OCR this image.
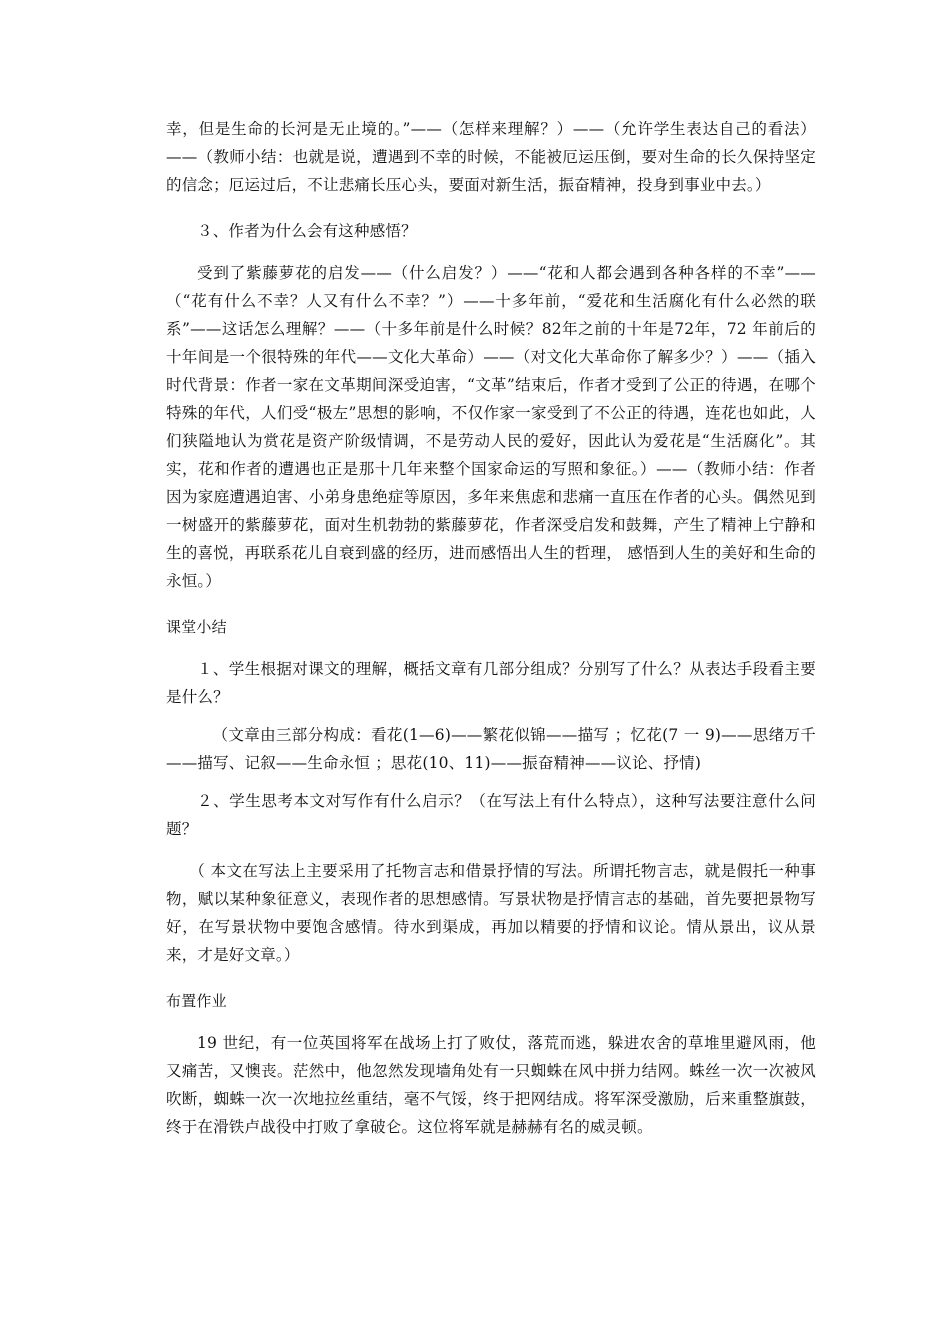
幸，但是生命的长河是无止境的。”——（怎样来理解？）——（允许学生表达自己的看法）——（教师小结：也就是说，遭遇到不幸的时候，不能被厄运压倒，要对生命的长久保持坚定的信念；厄运过后，不让悲痛长压心头，要面对新生活，振奋精神，投身到事业中去。）

３、作者为什么会有这种感悟？

受到了紫藤萝花的启发——（什么启发？）——“花和人都会遇到各种各样的不幸”——（“花有什么不幸？人又有什么不幸？”）——十多年前，“爱花和生活腐化有什么必然的联系”——这话怎么理解？——（十多年前是什么时候？82年之前的十年是72年，72 年前后的十年间是一个很特殊的年代——文化大革命）——（对文化大革命你了解多少？）——（插入时代背景：作者一家在文革期间深受迫害，“文革”结束后，作者才受到了公正的待遇，在哪个特殊的年代，人们受“极左”思想的影响，不仅作家一家受到了不公正的待遇，连花也如此，人们狭隘地认为赏花是资产阶级情调，不是劳动人民的爱好，因此认为爱花是“生活腐化”。其实，花和作者的遭遇也正是那十几年来整个国家命运的写照和象征。）——（教师小结：作者因为家庭遭遇迫害、小弟身患绝症等原因，多年来焦虑和悲痛一直压在作者的心头。偶然见到一树盛开的紫藤萝花，面对生机勃勃的紫藤萝花，作者深受启发和鼓舞，产生了精神上宁静和生的喜悦，再联系花儿自衰到盛的经历，进而感悟出人生的哲理， 感悟到人生的美好和生命的永恒。）

课堂小结

１、学生根据对课文的理解，概括文章有几部分组成？分别写了什么？从表达手段看主要是什么？

（文章由三部分构成：看花(1—6)——繁花似锦——描写 ；忆花(7 一 9)——思绪万千——描写、记叙——生命永恒 ；思花(10、11)——振奋精神——议论、抒情)

２、学生思考本文对写作有什么启示？（在写法上有什么特点），这种写法要注意什么问题？

（ 本文在写法上主要采用了托物言志和借景抒情的写法。所谓托物言志，就是假托一种事物，赋以某种象征意义，表现作者的思想感情。写景状物是抒情言志的基础，首先要把景物写好，在写景状物中要饱含感情。待水到渠成，再加以精要的抒情和议论。情从景出，议从景来，才是好文章。）

布置作业

19 世纪，有一位英国将军在战场上打了败仗，落荒而逃，躲进农舍的草堆里避风雨，他又痛苦，又懊丧。茫然中，他忽然发现墙角处有一只蜘蛛在风中拼力结网。蛛丝一次一次被风吹断，蜘蛛一次一次地拉丝重结，毫不气馁，终于把网结成。将军深受激励，后来重整旗鼓，终于在滑铁卢战役中打败了拿破仑。这位将军就是赫赫有名的威灵顿。
